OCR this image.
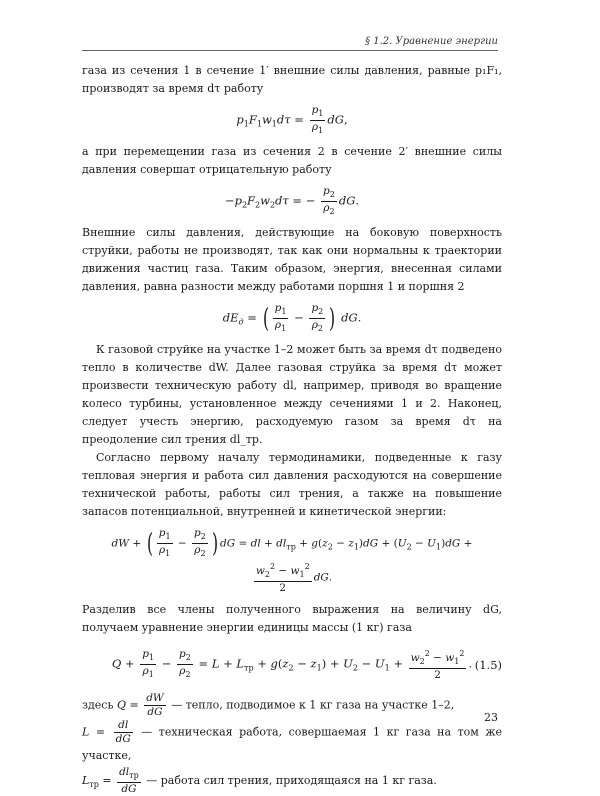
§ 1.2. Уравнение энергии

газа из сечения 1 в сечение 1′ внешние силы давления, равные p₁F₁, производят за время dτ работу

$p_1F_1w_1d\tau = \frac{p_1}{\rho_1}$ dG,

а при перемещении газа из сечения 2 в сечение 2′ внешние силы давления совершат отрицательную работу

$-p_2F_2w_2d\tau$ = − $\frac{p_2}{\rho_2}$ dG.

Внешние силы давления, действующие на боковую поверхность струйки, работы не производят, так как они нормальны к траектории движения частиц газа. Таким образом, энергия, внесенная силами давления, равна разности между работами поршня 1 и поршня 2

$dE_д$ = ( $\frac{p_1}{\rho_1} - \frac{p_2}{\rho_2}$ ) dG.

К газовой струйке на участке 1–2 может быть за время dτ подведено тепло в количестве dW. Далее газовая струйка за время dτ может произвести техническую работу dl, например, приводя во вращение колесо турбины, установленное между сечениями 1 и 2. Наконец, следует учесть энергию, расходуемую газом за время dτ на преодоление сил трения dl_тр.

Согласно первому началу термодинамики, подведенные к газу тепловая энергия и работа сил давления расходуются на совершение технической работы, работы сил трения, а также на повышение запасов потенциальной, внутренней и кинетической энергии:

dW + ( $\frac{p_1}{\rho_1} - \frac{p_2}{\rho_2}$ ) dG = dl + $dl_{тр} + g(z_2 - z_1)dG + (U_2 - U_1)dG$ +
$\frac{w_2^2 - w_1^2}{2}$ dG.

Разделив все члены полученного выражения на величину dG, получаем уравнение энергии единицы массы (1 кг) газа

$Q + \frac{p_1}{\rho_1} - \frac{p_2}{\rho_2} = L + L_{тр} + g(z_2 - z_1) + U_2 - U_1 + \frac{w_2^2 - w_1^2}{2}$ . (1.5)

здесь $Q = \frac{dW}{dG}$ — тепло, подводимое к 1 кг газа на участке 1–2,

$L = \frac{dl}{dG}$ — техническая работа, совершаемая 1 кг газа на том же участке,

$L_{тр} = \frac{dl_{тр}}{dG}$ — работа сил трения, приходящаяся на 1 кг газа.

23
